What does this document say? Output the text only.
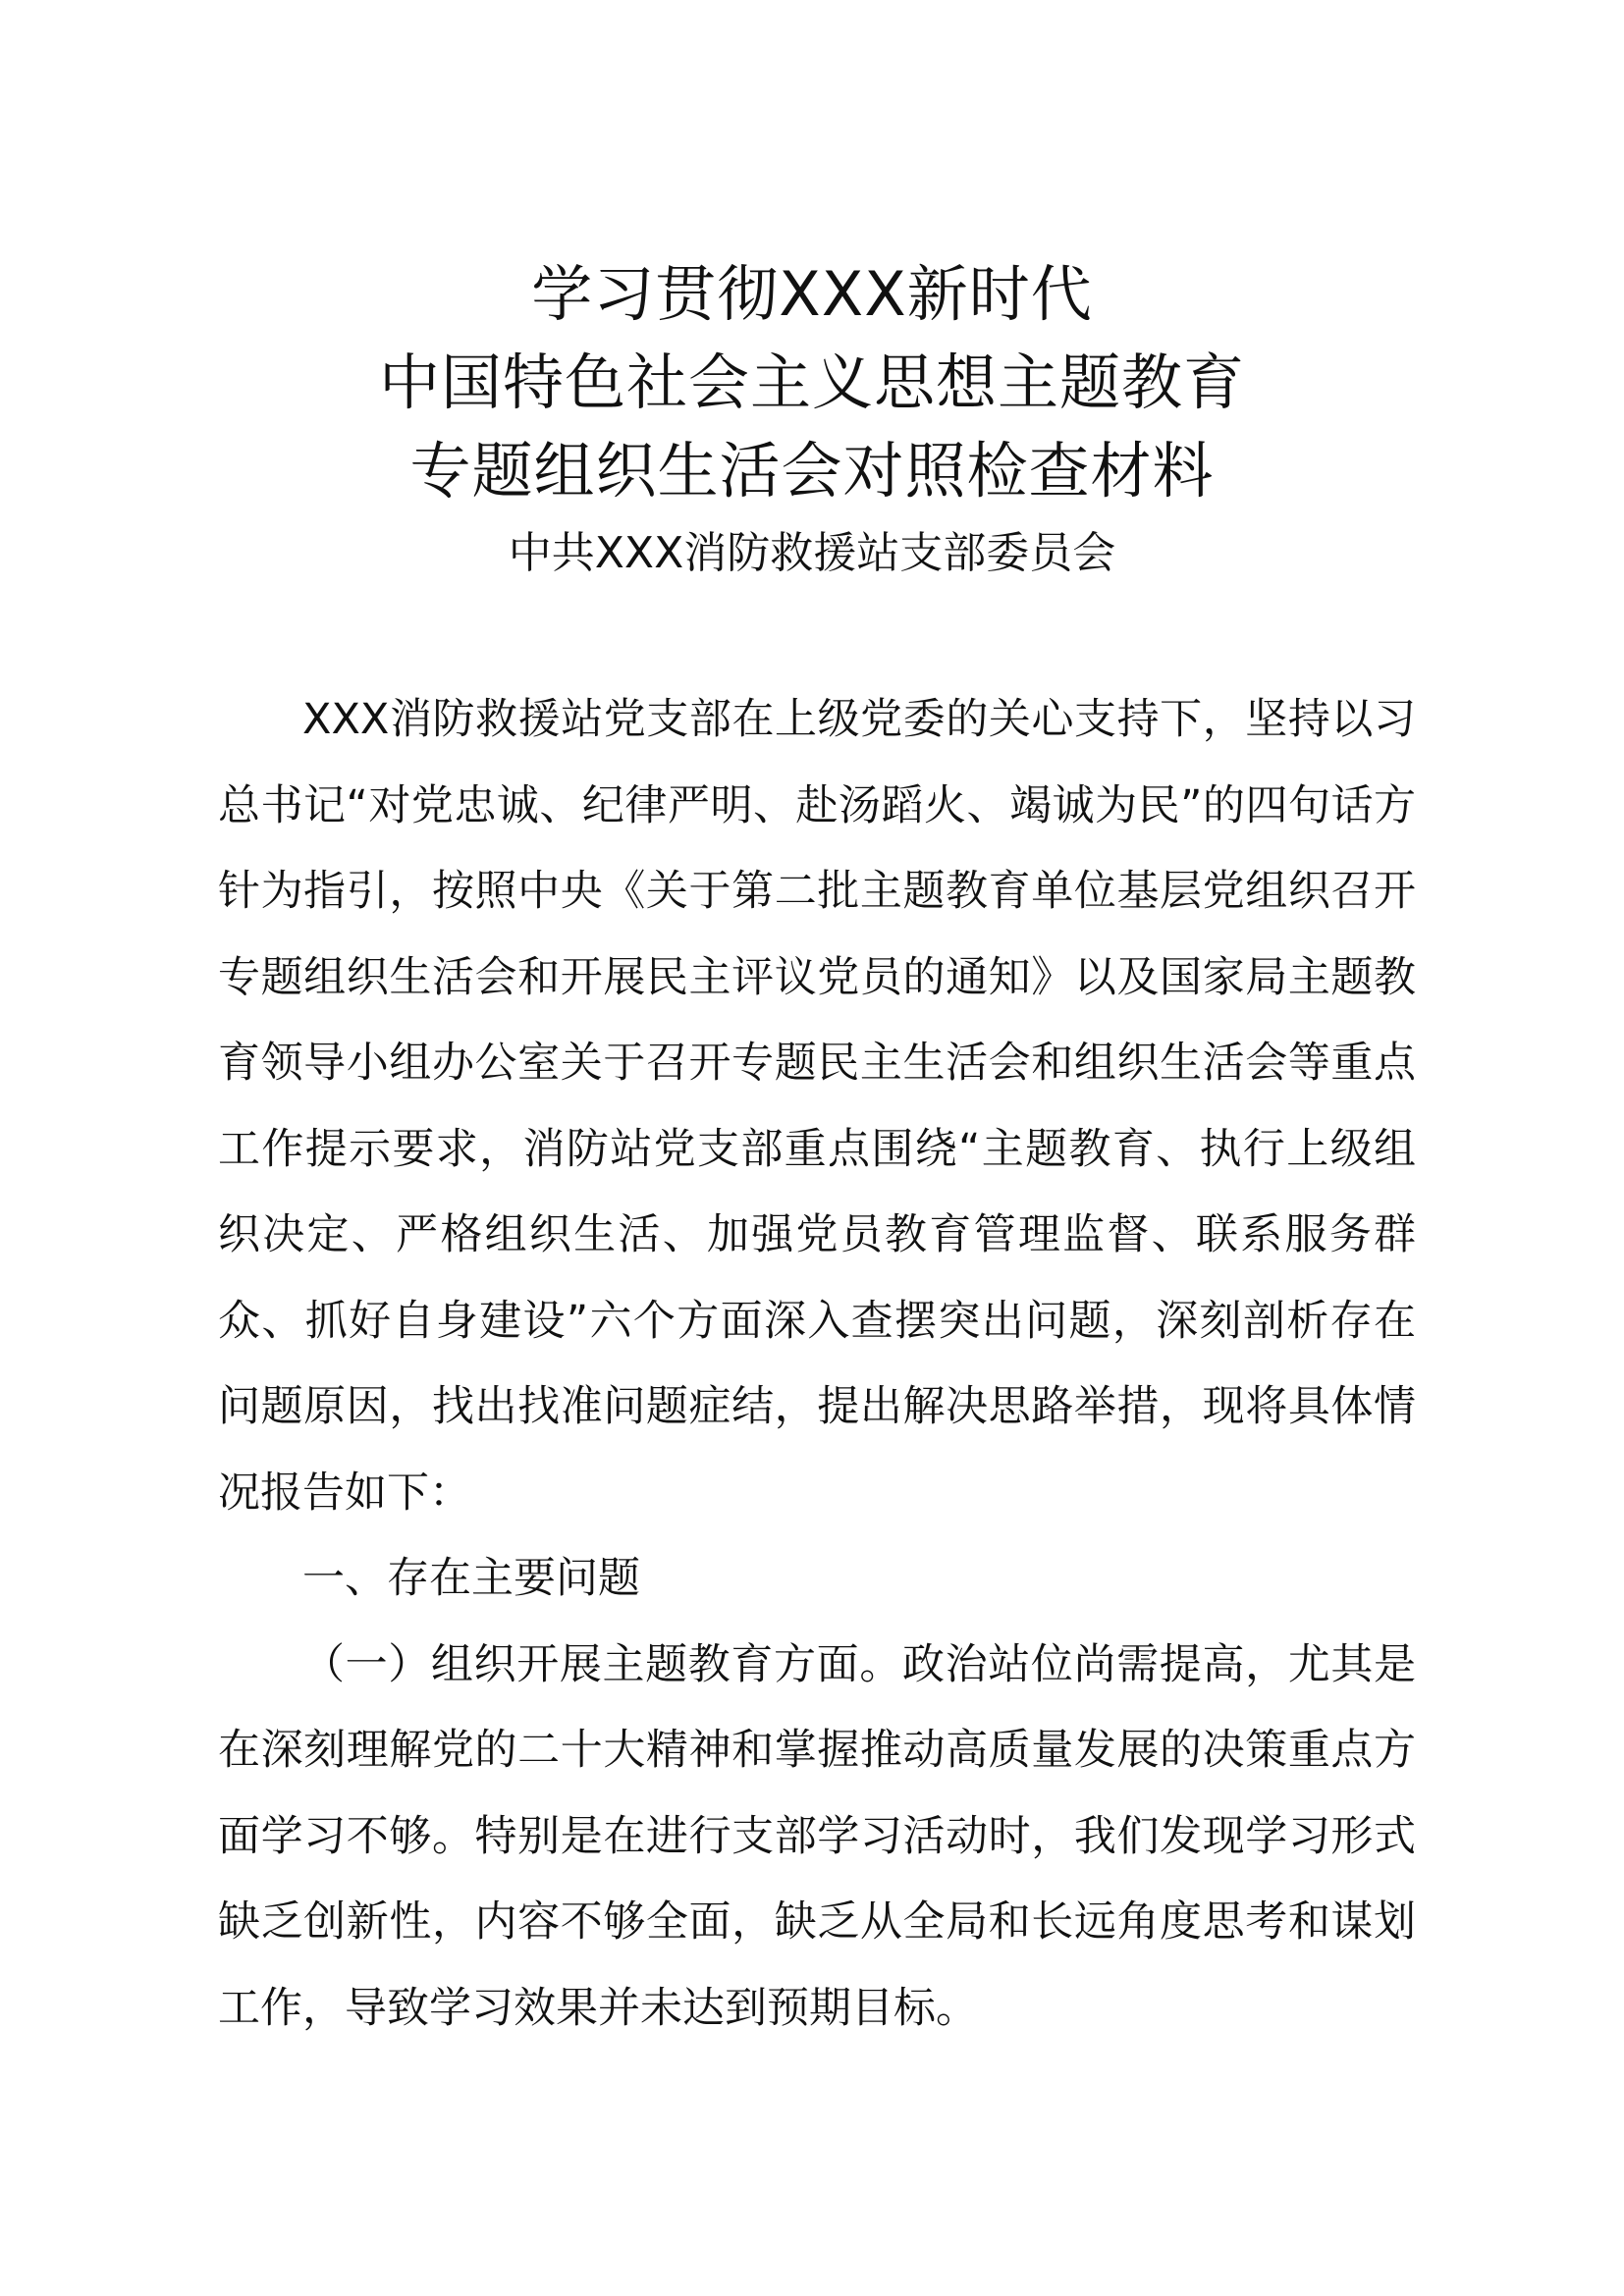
学习贯彻XXX新时代
中国特色社会主义思想主题教育
专题组织生活会对照检查材料
中共XXX消防救援站支部委员会

XXX消防救援站党支部在上级党委的关心支持下，坚持以习总书记“对党忠诚、纪律严明、赴汤蹈火、竭诚为民”的四句话方针为指引，按照中央《关于第二批主题教育单位基层党组织召开专题组织生活会和开展民主评议党员的通知》以及国家局主题教育领导小组办公室关于召开专题民主生活会和组织生活会等重点工作提示要求，消防站党支部重点围绕“主题教育、执行上级组织决定、严格组织生活、加强党员教育管理监督、联系服务群众、抓好自身建设”六个方面深入查摆突出问题，深刻剖析存在问题原因，找出找准问题症结，提出解决思路举措，现将具体情况报告如下：

一、存在主要问题

（一）组织开展主题教育方面。政治站位尚需提高，尤其是在深刻理解党的二十大精神和掌握推动高质量发展的决策重点方面学习不够。特别是在进行支部学习活动时，我们发现学习形式缺乏创新性，内容不够全面，缺乏从全局和长远角度思考和谋划工作，导致学习效果并未达到预期目标。
